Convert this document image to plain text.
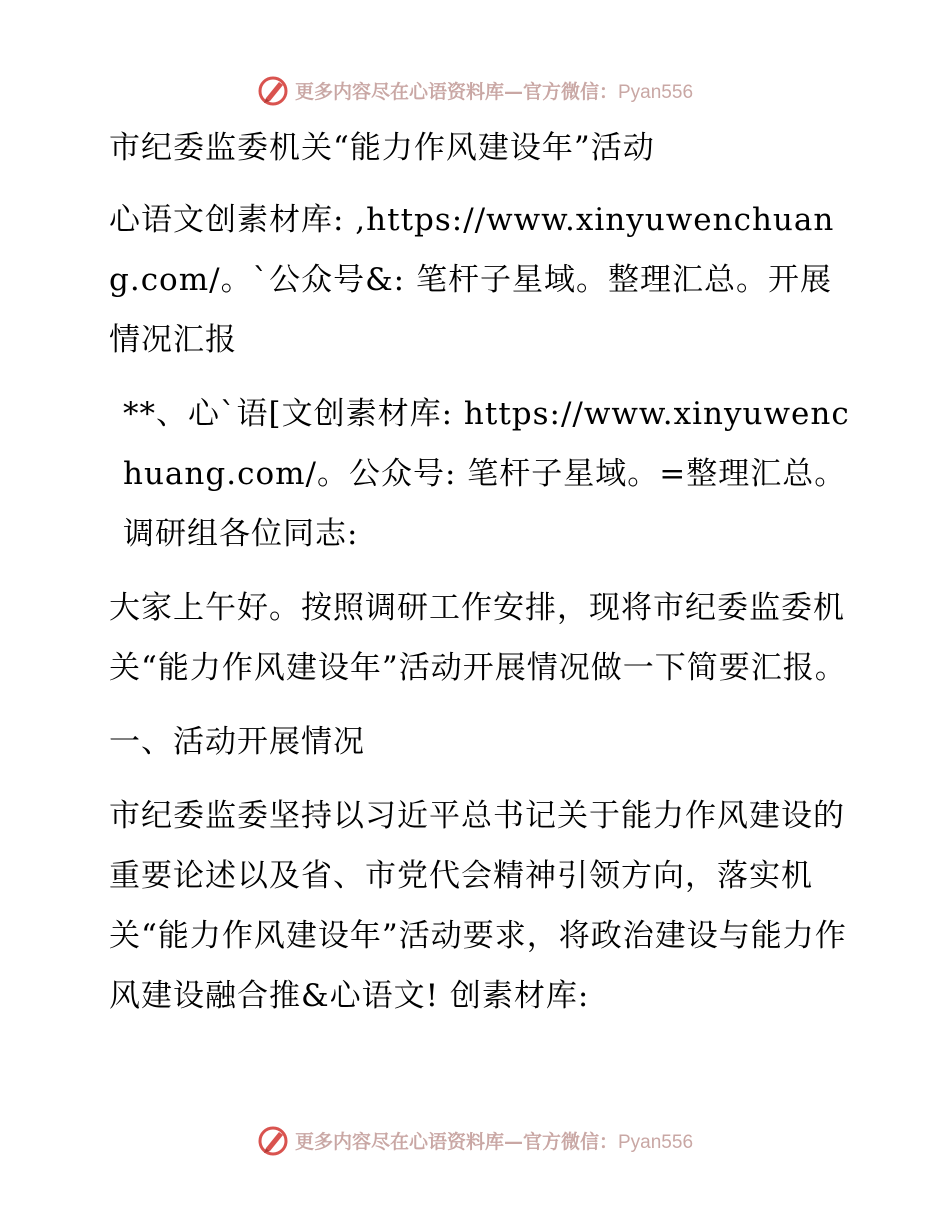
更多内容尽在心语资料库—官方微信：Pyan556

市纪委监委机关“能力作风建设年”活动

心语文创素材库: ,https://www.xinyuwenchuang.com/。`公众号&: 笔杆子星域。整理汇总。开展情况汇报

**、心`语[文创素材库: https://www.xinyuwenchuang.com/。公众号: 笔杆子星域。=整理汇总。调研组各位同志:

大家上午好。按照调研工作安排，现将市纪委监委机关“能力作风建设年”活动开展情况做一下简要汇报。

一、活动开展情况

市纪委监委坚持以习近平总书记关于能力作风建设的重要论述以及省、市党代会精神引领方向，落实机关“能力作风建设年”活动要求，将政治建设与能力作风建设融合推&心语文! 创素材库:

更多内容尽在心语资料库—官方微信：Pyan556
